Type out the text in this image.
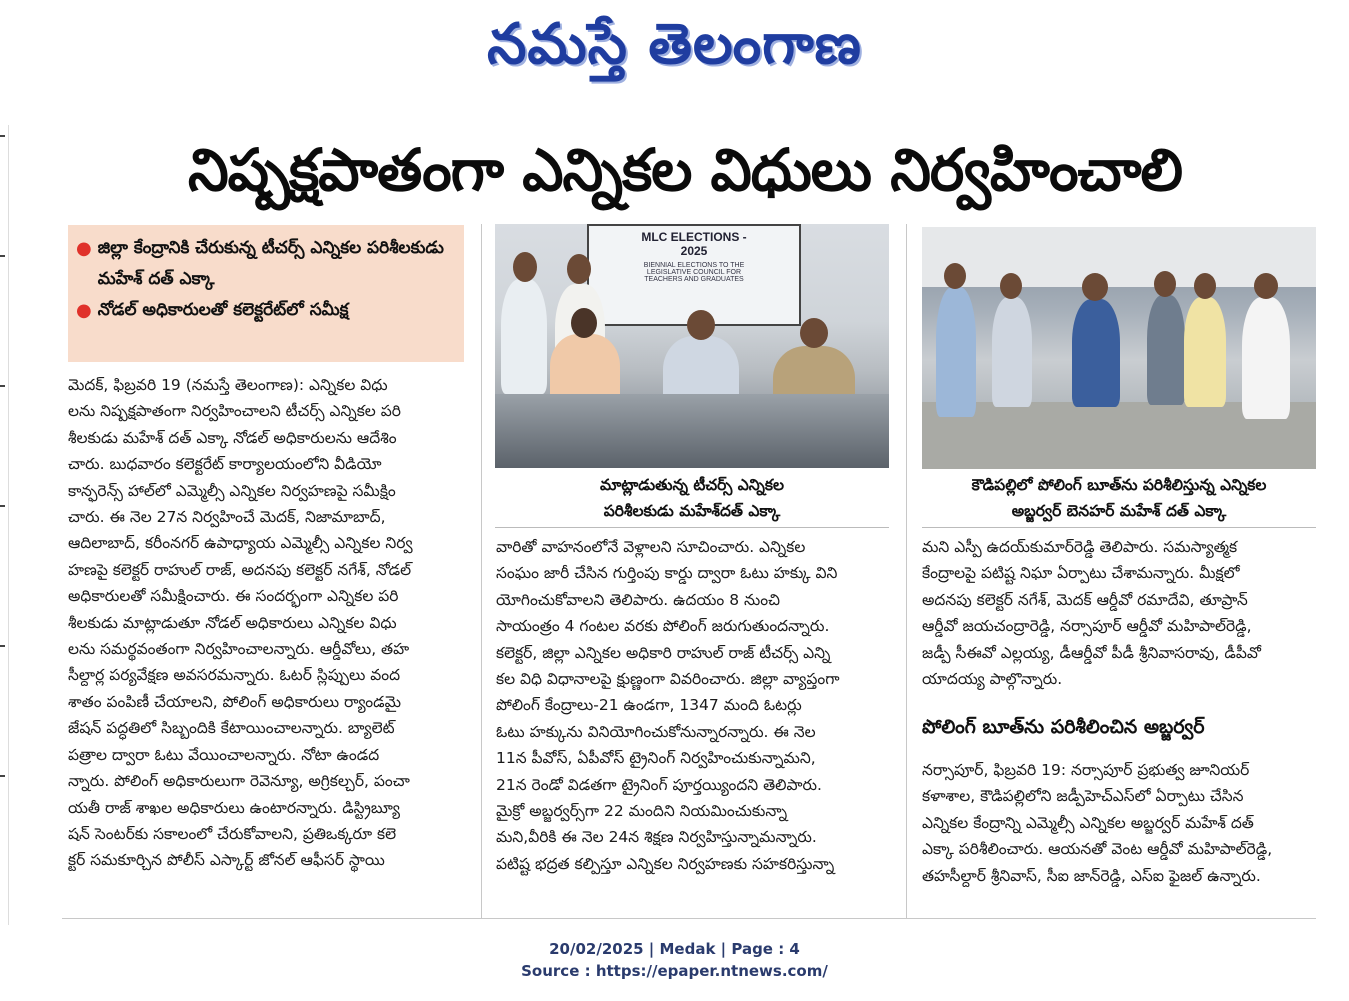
నమస్తే తెలంగాణ
నిష్పక్షపాతంగా ఎన్నికల విధులు నిర్వహించాలి
● జిల్లా కేంద్రానికి చేరుకున్న టీచర్స్ ఎన్నికల పరిశీలకుడు మహేశ్ దత్ ఎక్కా
● నోడల్ అధికారులతో కలెక్టరేట్‌లో సమీక్ష
మెదక్, ఫిబ్రవరి 19 (నమస్తే తెలంగాణ): ఎన్నికల విధు
లను నిష్పక్షపాతంగా నిర్వహించాలని టీచర్స్ ఎన్నికల పరి
శీలకుడు మహేశ్ దత్ ఎక్కా నోడల్ అధికారులను ఆదేశిం
చారు. బుధవారం కలెక్టరేట్ కార్యాలయంలోని వీడియో
కాన్ఫరెన్స్ హాల్‌లో ఎమ్మెల్సీ ఎన్నికల నిర్వహణపై సమీక్షిం
చారు. ఈ నెల 27న నిర్వహించే మెదక్, నిజామాబాద్,
ఆదిలాబాద్, కరీంనగర్ ఉపాధ్యాయ ఎమ్మెల్సీ ఎన్నికల నిర్వ
హణపై కలెక్టర్ రాహుల్ రాజ్, అదనపు కలెక్టర్ నగేశ్, నోడల్
అధికారులతో సమీక్షించారు. ఈ సందర్భంగా ఎన్నికల పరి
శీలకుడు మాట్లాడుతూ నోడల్ అధికారులు ఎన్నికల విధు
లను సమర్థవంతంగా నిర్వహించాలన్నారు. ఆర్డీవోలు, తహ
సీల్దార్ల పర్యవేక్షణ అవసరమన్నారు. ఓటర్ స్లిప్పులు వంద
శాతం పంపిణీ చేయాలని, పోలింగ్ అధికారులు ర్యాండమై
జేషన్ పద్ధతిలో సిబ్బందికి కేటాయించాలన్నారు. బ్యాలెట్
పత్రాల ద్వారా ఓటు వేయించాలన్నారు. నోటా ఉండద
న్నారు. పోలింగ్ అధికారులుగా రెవెన్యూ, అగ్రికల్చర్, పంచా
యతీ రాజ్ శాఖల అధికారులు ఉంటారన్నారు. డిస్ట్రిబ్యూ
షన్ సెంటర్‌కు సకాలంలో చేరుకోవాలని, ప్రతిఒక్కరూ కలె
క్టర్ సమకూర్చిన పోలీస్ ఎస్కార్ట్ జోనల్ ఆఫీసర్ స్థాయి
MLC ELECTIONS -
2025
BIENNIAL ELECTIONS TO THE
LEGISLATIVE COUNCIL FOR
TEACHERS AND GRADUATES
మాట్లాడుతున్న టీచర్స్ ఎన్నికల
పరిశీలకుడు మహేశ్‌దత్ ఎక్కా
కౌడిపల్లిలో పోలింగ్ బూత్‌ను పరిశీలిస్తున్న ఎన్నికల
అబ్జర్వర్ బెనహర్ మహేశ్ దత్ ఎక్కా
వారితో వాహనంలోనే వెళ్లాలని సూచించారు. ఎన్నికల
సంఘం జారీ చేసిన గుర్తింపు కార్డు ద్వారా ఓటు హక్కు విని
యోగించుకోవాలని తెలిపారు. ఉదయం 8 నుంచి
సాయంత్రం 4 గంటల వరకు పోలింగ్ జరుగుతుందన్నారు.
కలెక్టర్, జిల్లా ఎన్నికల అధికారి రాహుల్ రాజ్ టీచర్స్ ఎన్ని
కల విధి విధానాలపై క్షుణ్ణంగా వివరించారు. జిల్లా వ్యాప్తంగా
పోలింగ్ కేంద్రాలు-21 ఉండగా, 1347 మంది ఓటర్లు
ఓటు హక్కును వినియోగించుకోనున్నారన్నారు. ఈ నెల
11న పీవోస్, ఏపీవోస్ ట్రైనింగ్ నిర్వహించుకున్నామని,
21న రెండో విడతగా ట్రైనింగ్ పూర్తయ్యిందని తెలిపారు.
మైక్రో అబ్జర్వర్స్‌గా 22 మందిని నియమించుకున్నా
మని,వీరికి ఈ నెల 24న శిక్షణ నిర్వహిస్తున్నామన్నారు.
పటిష్ట భద్రత కల్పిస్తూ ఎన్నికల నిర్వహణకు సహకరిస్తున్నా
మని ఎస్పీ ఉదయ్‌కుమార్‌రెడ్డి తెలిపారు. సమస్యాత్మక
కేంద్రాలపై పటిష్ట నిఘా ఏర్పాటు చేశామన్నారు. మీక్షలో
అదనపు కలెక్టర్ నగేశ్, మెదక్ ఆర్డీవో రమాదేవి, తూప్రాన్
ఆర్డీవో జయచంద్రారెడ్డి, నర్సాపూర్ ఆర్డీవో మహిపాల్‌రెడ్డి,
జడ్పీ సీఈవో ఎల్లయ్య, డీఆర్డీవో పీడీ శ్రీనివాసరావు, డీపీవో
యాదయ్య పాల్గొన్నారు.
పోలింగ్ బూత్‌ను పరిశీలించిన అబ్జర్వర్
నర్సాపూర్, ఫిబ్రవరి 19: నర్సాపూర్ ప్రభుత్వ జూనియర్
కళాశాల, కౌడిపల్లిలోని జడ్పీహెచ్‌ఎస్‌లో ఏర్పాటు చేసిన
ఎన్నికల కేంద్రాన్ని ఎమ్మెల్సీ ఎన్నికల అబ్జర్వర్ మహేశ్ దత్
ఎక్కా పరిశీలించారు. ఆయనతో వెంట ఆర్డీవో మహిపాల్‌రెడ్డి,
తహసీల్దార్ శ్రీనివాస్, సీఐ జాన్‌రెడ్డి, ఎస్ఐ ఫైజల్ ఉన్నారు.
20/02/2025 | Medak | Page : 4
Source : https://epaper.ntnews.com/
